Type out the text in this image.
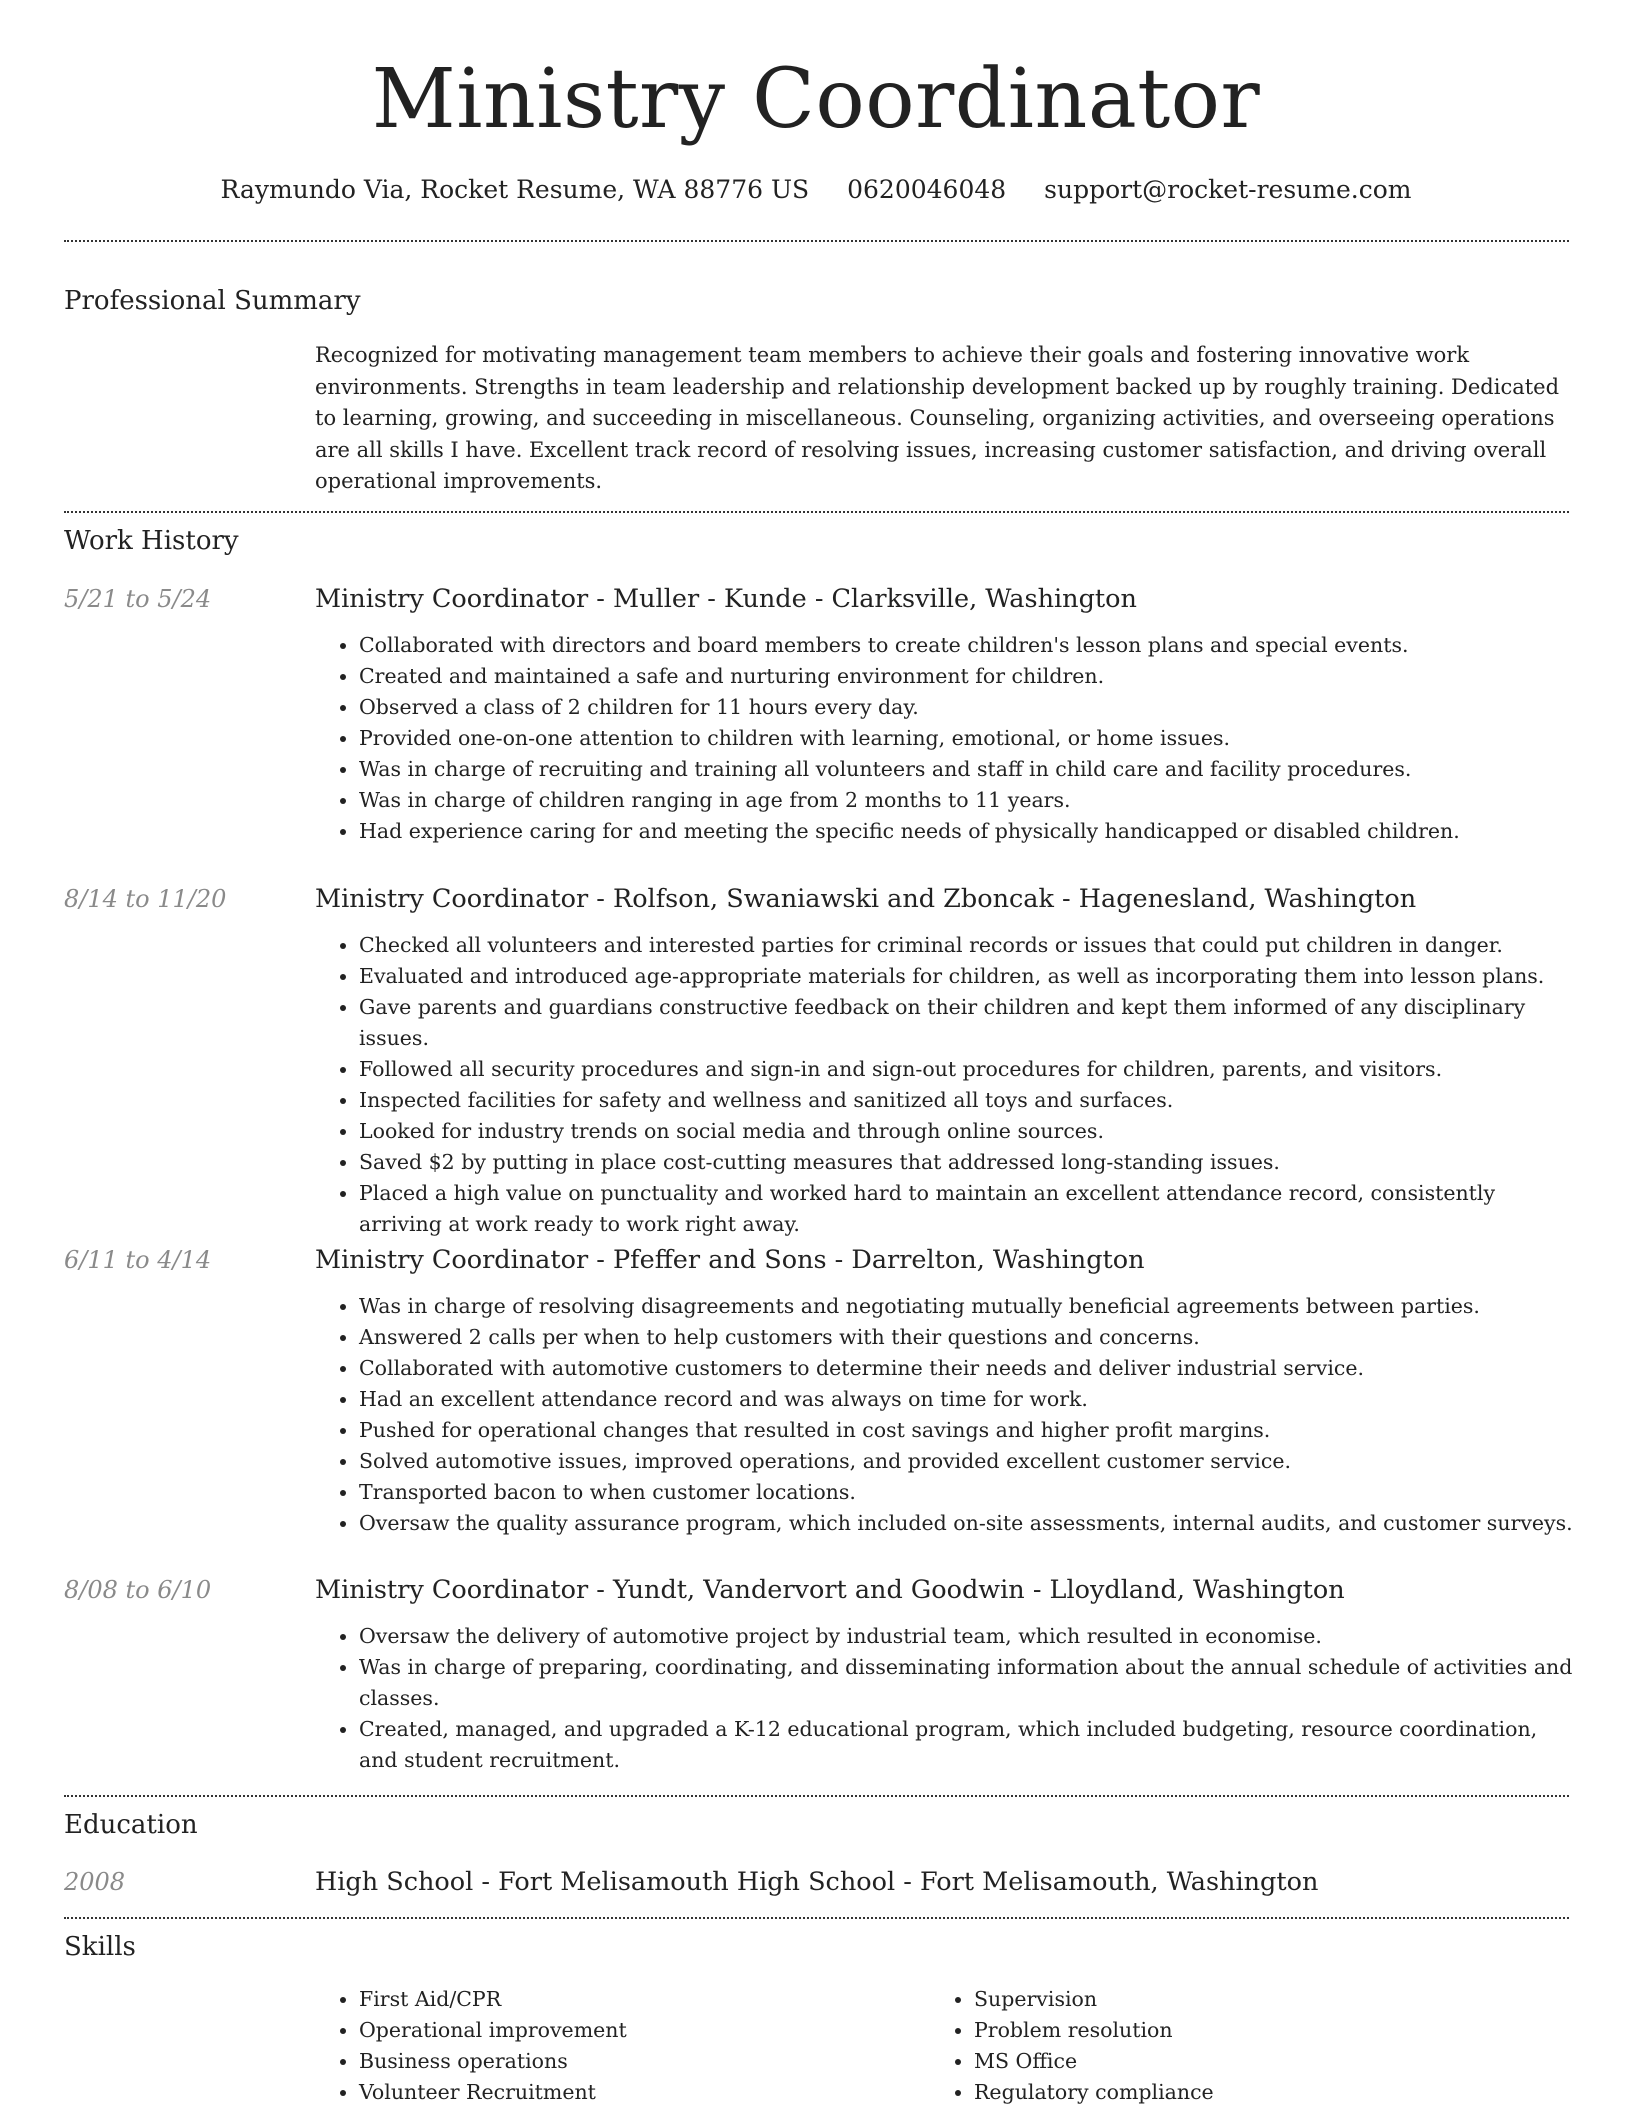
Ministry Coordinator
Raymundo Via, Rocket Resume, WA 88776 US 0620046048 support@rocket-resume.com
Professional Summary

Recognized for motivating management team members to achieve their goals and fostering innovative work environments. Strengths in team leadership and relationship development backed up by roughly training. Dedicated to learning, growing, and succeeding in miscellaneous. Counseling, organizing activities, and overseeing operations are all skills I have. Excellent track record of resolving issues, increasing customer satisfaction, and driving overall operational improvements.

Work History
5/21 to 5/24	Ministry Coordinator - Muller - Kunde - Clarksville, Washington
• Collaborated with directors and board members to create children's lesson plans and special events.
• Created and maintained a safe and nurturing environment for children.
• Observed a class of 2 children for 11 hours every day.
• Provided one-on-one attention to children with learning, emotional, or home issues.
• Was in charge of recruiting and training all volunteers and staff in child care and facility procedures.
• Was in charge of children ranging in age from 2 months to 11 years.
• Had experience caring for and meeting the specific needs of physically handicapped or disabled children.
8/14 to 11/20	Ministry Coordinator - Rolfson, Swaniawski and Zboncak - Hagenesland, Washington
• Checked all volunteers and interested parties for criminal records or issues that could put children in danger.
• Evaluated and introduced age-appropriate materials for children, as well as incorporating them into lesson plans.
• Gave parents and guardians constructive feedback on their children and kept them informed of any disciplinary issues.
• Followed all security procedures and sign-in and sign-out procedures for children, parents, and visitors.
• Inspected facilities for safety and wellness and sanitized all toys and surfaces.
• Looked for industry trends on social media and through online sources.
• Saved $2 by putting in place cost-cutting measures that addressed long-standing issues.
• Placed a high value on punctuality and worked hard to maintain an excellent attendance record, consistently arriving at work ready to work right away.
6/11 to 4/14	Ministry Coordinator - Pfeffer and Sons - Darrelton, Washington
• Was in charge of resolving disagreements and negotiating mutually beneficial agreements between parties.
• Answered 2 calls per when to help customers with their questions and concerns.
• Collaborated with automotive customers to determine their needs and deliver industrial service.
• Had an excellent attendance record and was always on time for work.
• Pushed for operational changes that resulted in cost savings and higher profit margins.
• Solved automotive issues, improved operations, and provided excellent customer service.
• Transported bacon to when customer locations.
• Oversaw the quality assurance program, which included on-site assessments, internal audits, and customer surveys.
8/08 to 6/10	Ministry Coordinator - Yundt, Vandervort and Goodwin - Lloydland, Washington
• Oversaw the delivery of automotive project by industrial team, which resulted in economise.
• Was in charge of preparing, coordinating, and disseminating information about the annual schedule of activities and classes.
• Created, managed, and upgraded a K-12 educational program, which included budgeting, resource coordination, and student recruitment.
Education
2008	High School - Fort Melisamouth High School - Fort Melisamouth, Washington
Skills
• First Aid/CPR
• Operational improvement
• Business operations
• Volunteer Recruitment
• Supervision
• Problem resolution
• MS Office
• Regulatory compliance
